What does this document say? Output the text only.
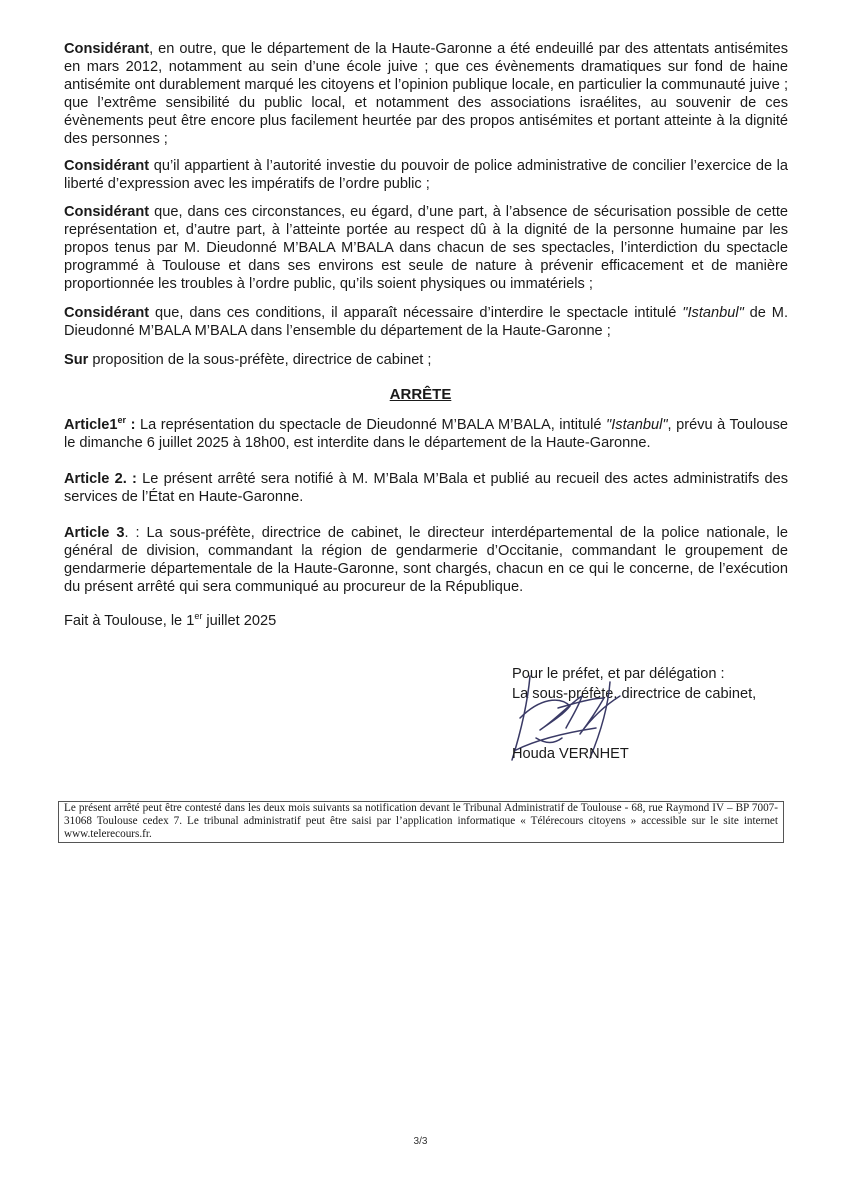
Considérant, en outre, que le département de la Haute-Garonne a été endeuillé par des attentats antisémites en mars 2012, notamment au sein d’une école juive ; que ces évènements dramatiques sur fond de haine antisémite ont durablement marqué les citoyens et l’opinion publique locale, en particulier la communauté juive ; que l’extrême sensibilité du public local, et notamment des associations israélites, au souvenir de ces évènements peut être encore plus facilement heurtée par des propos antisémites et portant atteinte à la dignité des personnes ;

Considérant qu’il appartient à l’autorité investie du pouvoir de police administrative de concilier l’exercice de la liberté d’expression avec les impératifs de l’ordre public ;

Considérant que, dans ces circonstances, eu égard, d’une part, à l’absence de sécurisation possible de cette représentation et, d’autre part, à l’atteinte portée au respect dû à la dignité de la personne humaine par les propos tenus par M. Dieudonné M’BALA M’BALA dans chacun de ses spectacles, l’interdiction du spectacle programmé à Toulouse et dans ses environs est seule de nature à prévenir efficacement et de manière proportionnée les troubles à l’ordre public, qu’ils soient physiques ou immatériels ;

Considérant que, dans ces conditions, il apparaît nécessaire d’interdire le spectacle intitulé "Istanbul" de M. Dieudonné M’BALA M’BALA dans l’ensemble du département de la Haute-Garonne ;

Sur proposition de la sous-préfète, directrice de cabinet ;

ARRÊTE

Article1er : La représentation du spectacle de Dieudonné M’BALA M’BALA, intitulé "Istanbul", prévu à Toulouse le dimanche 6 juillet 2025 à 18h00, est interdite dans le département de la Haute-Garonne.

Article 2. : Le présent arrêté sera notifié à M. M’Bala M’Bala et publié au recueil des actes administratifs des services de l’État en Haute-Garonne.

Article 3. : La sous-préfète, directrice de cabinet, le directeur interdépartemental de la police nationale, le général de division, commandant la région de gendarmerie d’Occitanie, commandant le groupement de gendarmerie départementale de la Haute-Garonne, sont chargés, chacun en ce qui le concerne, de l’exécution du présent arrêté qui sera communiqué au procureur de la République.

Fait à Toulouse, le 1er juillet 2025

Pour le préfet, et par délégation :
La sous-préfète, directrice de cabinet,
Houda VERNHET

Le présent arrêté peut être contesté dans les deux mois suivants sa notification devant le Tribunal Administratif de Toulouse - 68, rue Raymond IV – BP 7007- 31068 Toulouse cedex 7. Le tribunal administratif peut être saisi par l’application informatique « Télérecours citoyens » accessible sur le site internet www.telerecours.fr.

3/3
